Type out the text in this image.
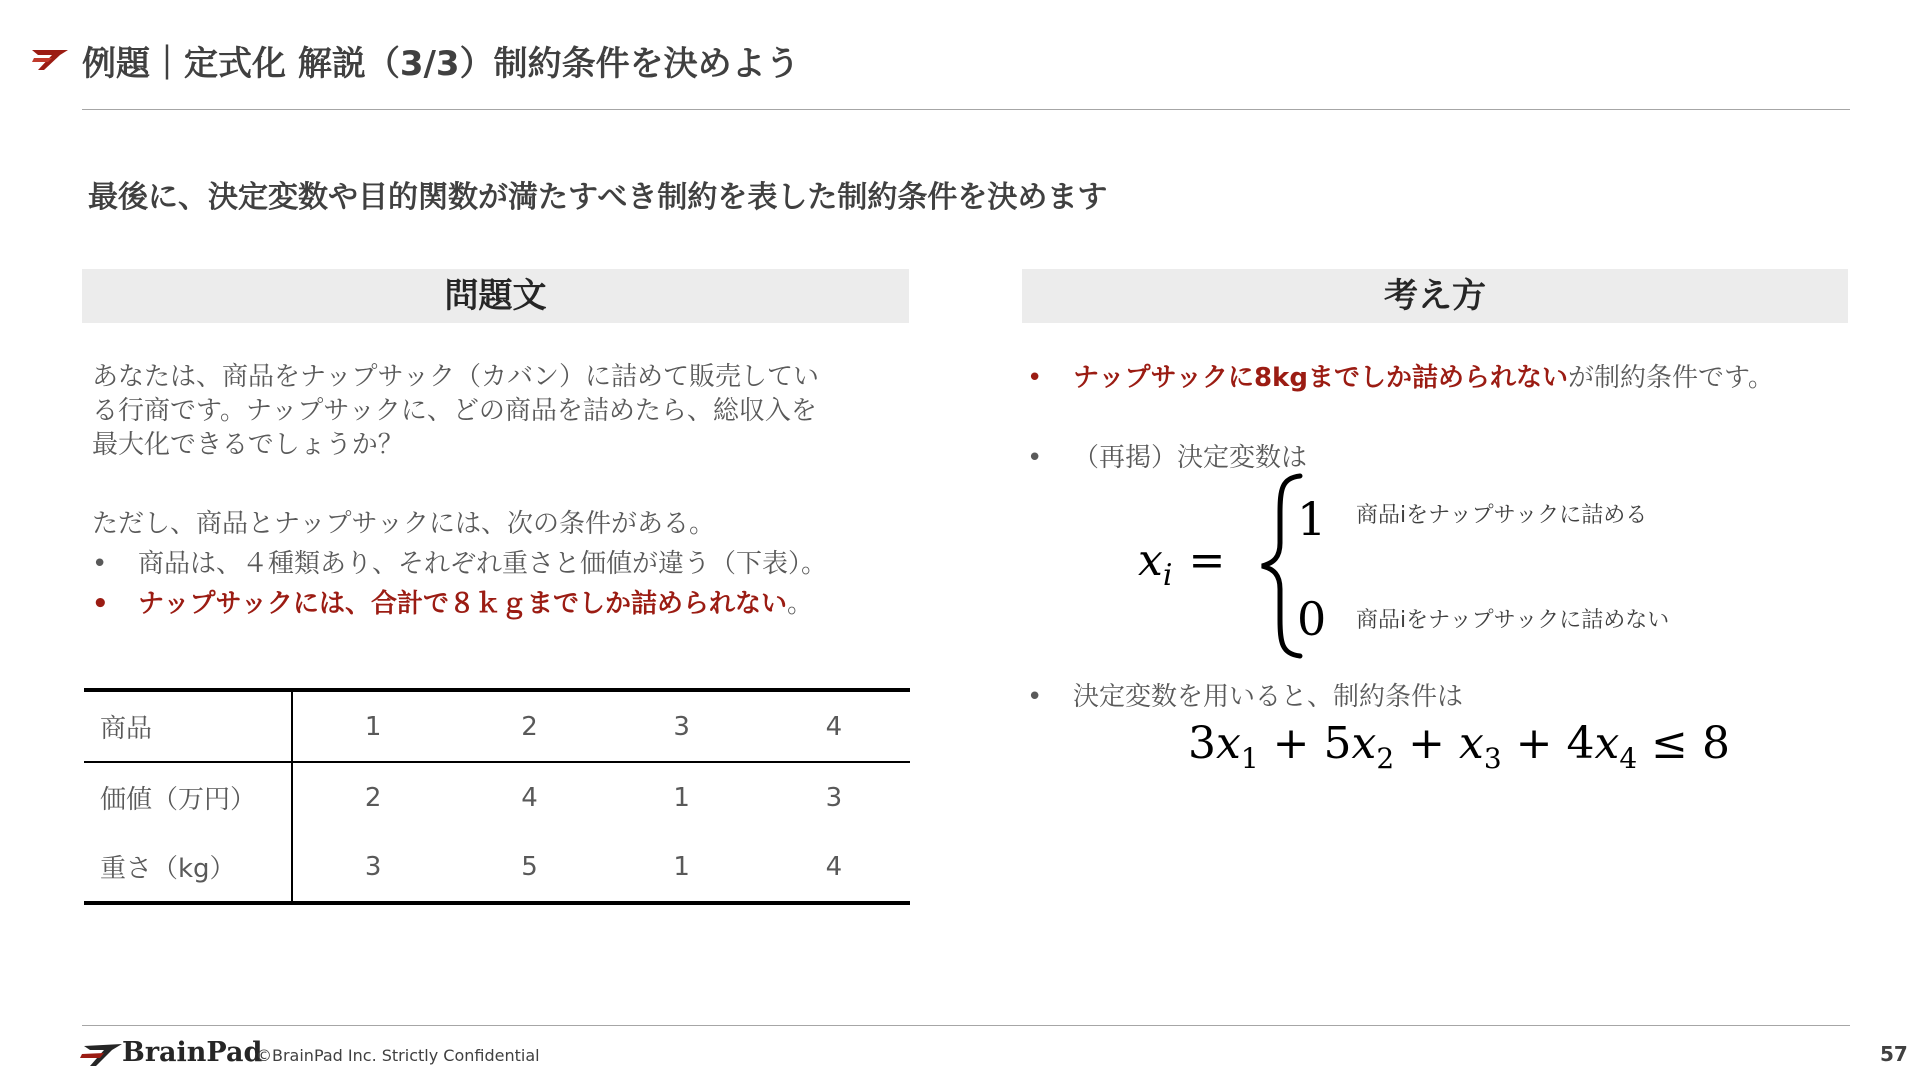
例題｜定式化 解説（3/3）制約条件を決めよう
最後に、決定変数や目的関数が満たすべき制約を表した制約条件を決めます
問題文
あなたは、商品をナップサック（カバン）に詰めて販売してい
る行商です。ナップサックに、どの商品を詰めたら、総収入を
最大化できるでしょうか？
ただし、商品とナップサックには、次の条件がある。
• 商品は、４種類あり、それぞれ重さと価値が違う（下表）。
• ナップサックには、合計で８ｋｇまでしか詰められない。
商品	1	2	3	4
価値（万円）	2	4	1	3
重さ（kg）	3	5	1	4
考え方
• ナップサックに8kgまでしか詰められないが制約条件です。
• （再掲）決定変数は
$x_i$ =
1 商品iをナップサックに詰める
0 商品iをナップサックに詰めない
• 決定変数を用いると、制約条件は
$3x_1 + 5x_2 + x_3 + 4x_4 \le 8$
BrainPad
©BrainPad Inc. Strictly Confidential	57
